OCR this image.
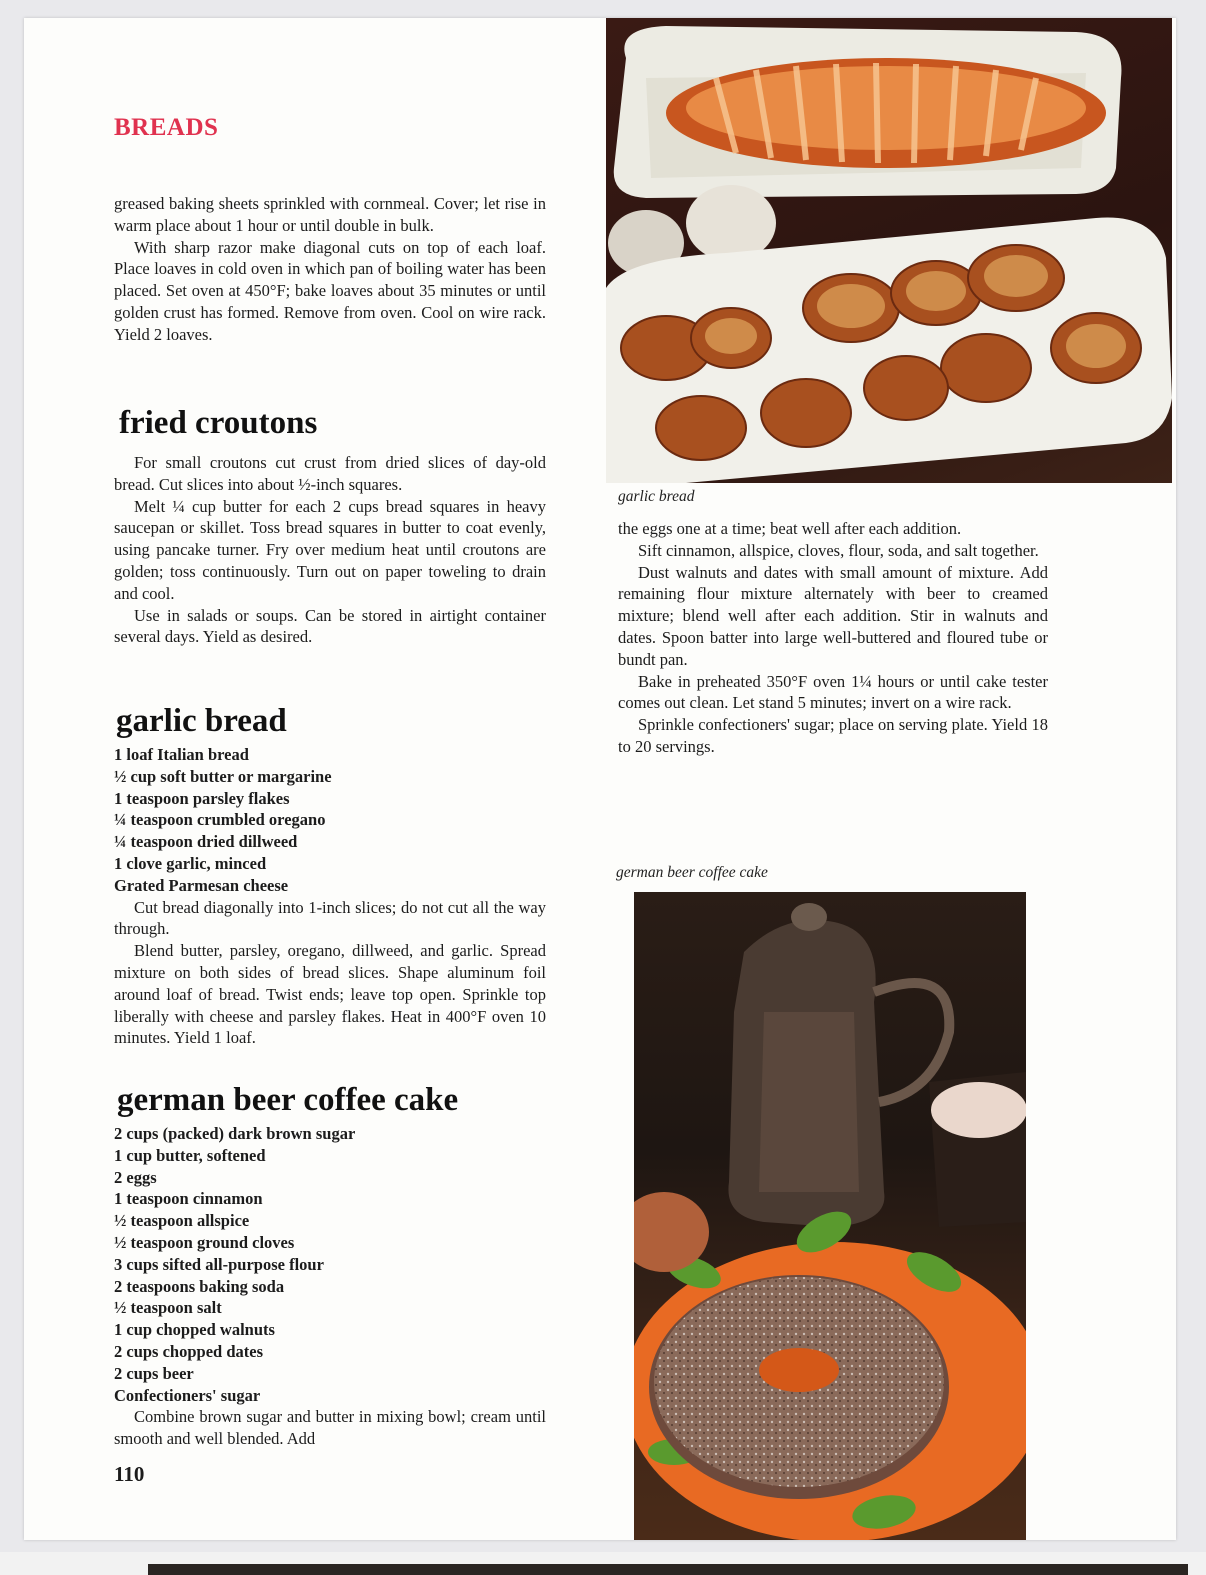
BREADS

greased baking sheets sprinkled with cornmeal. Cover; let rise in warm place about 1 hour or until double in bulk.

With sharp razor make diagonal cuts on top of each loaf. Place loaves in cold oven in which pan of boiling water has been placed. Set oven at 450°F; bake loaves about 35 minutes or until golden crust has formed. Remove from oven. Cool on wire rack. Yield 2 loaves.

fried croutons

For small croutons cut crust from dried slices of day-old bread. Cut slices into about ½-inch squares.

Melt ¼ cup butter for each 2 cups bread squares in heavy saucepan or skillet. Toss bread squares in butter to coat evenly, using pancake turner. Fry over medium heat until croutons are golden; toss continuously. Turn out on paper toweling to drain and cool.

Use in salads or soups. Can be stored in airtight container several days. Yield as desired.

garlic bread
1 loaf Italian bread
½ cup soft butter or margarine
1 teaspoon parsley flakes
¼ teaspoon crumbled oregano
¼ teaspoon dried dillweed
1 clove garlic, minced
Grated Parmesan cheese

Cut bread diagonally into 1-inch slices; do not cut all the way through.

Blend butter, parsley, oregano, dillweed, and garlic. Spread mixture on both sides of bread slices. Shape aluminum foil around loaf of bread. Twist ends; leave top open. Sprinkle top liberally with cheese and parsley flakes. Heat in 400°F oven 10 minutes. Yield 1 loaf.

german beer coffee cake
2 cups (packed) dark brown sugar
1 cup butter, softened
2 eggs
1 teaspoon cinnamon
½ teaspoon allspice
½ teaspoon ground cloves
3 cups sifted all-purpose flour
2 teaspoons baking soda
½ teaspoon salt
1 cup chopped walnuts
2 cups chopped dates
2 cups beer
Confectioners' sugar

Combine brown sugar and butter in mixing bowl; cream until smooth and well blended. Add

110
garlic bread

the eggs one at a time; beat well after each addition.

Sift cinnamon, allspice, cloves, flour, soda, and salt together.

Dust walnuts and dates with small amount of mixture. Add remaining flour mixture alternately with beer to creamed mixture; blend well after each addition. Stir in walnuts and dates. Spoon batter into large well-buttered and floured tube or bundt pan.

Bake in preheated 350°F oven 1¼ hours or until cake tester comes out clean. Let stand 5 minutes; invert on a wire rack.

Sprinkle confectioners' sugar; place on serving plate. Yield 18 to 20 servings.

german beer coffee cake
